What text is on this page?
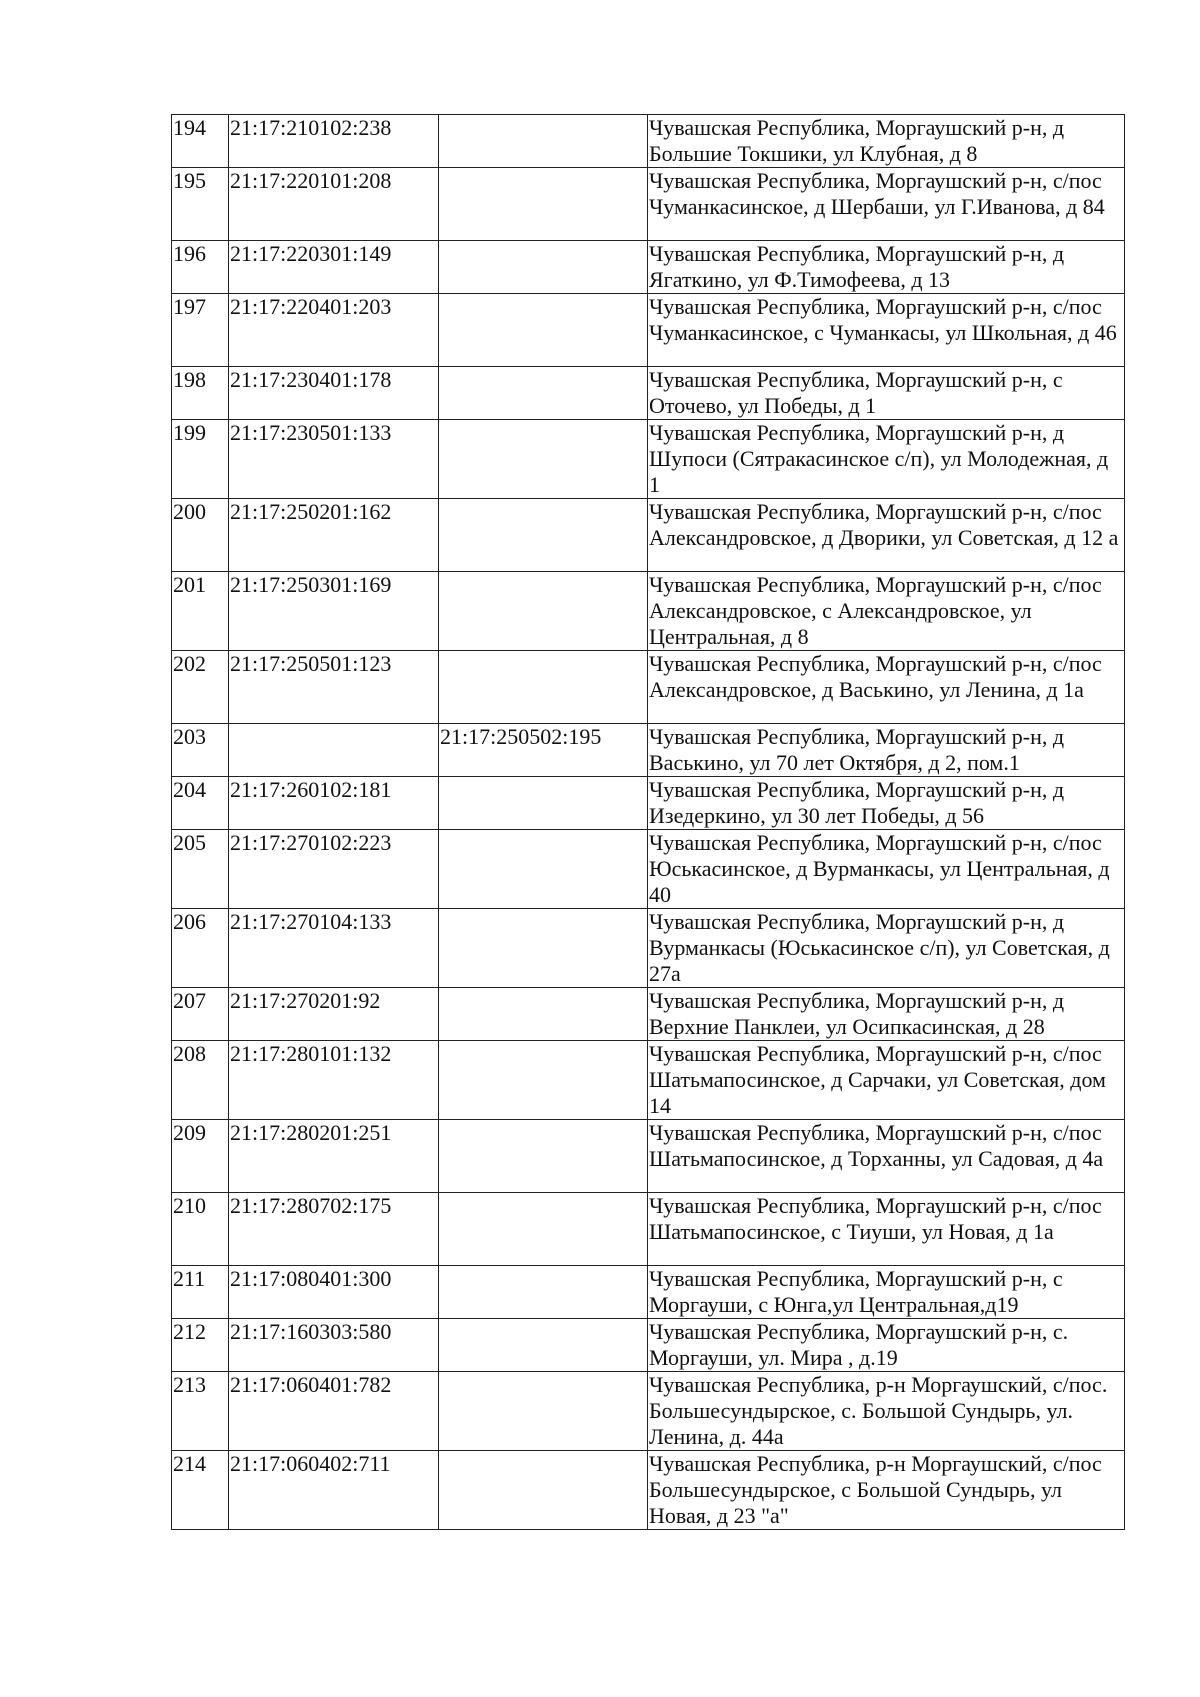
194	21:17:210102:238		Чувашская Республика, Моргаушский р-н, д Большие Токшики, ул Клубная, д 8
195	21:17:220101:208		Чувашская Республика, Моргаушский р-н, с/пос Чуманкасинское, д Шербаши, ул Г.Иванова, д 84
196	21:17:220301:149		Чувашская Республика, Моргаушский р-н, д Ягаткино, ул Ф.Тимофеева, д 13
197	21:17:220401:203		Чувашская Республика, Моргаушский р-н, с/пос Чуманкасинское, с Чуманкасы, ул Школьная, д 46
198	21:17:230401:178		Чувашская Республика, Моргаушский р-н, с Оточево, ул Победы, д 1
199	21:17:230501:133		Чувашская Республика, Моргаушский р-н, д Шупоси (Сятракасинское с/п), ул Молодежная, д 1
200	21:17:250201:162		Чувашская Республика, Моргаушский р-н, с/пос Александровское, д Дворики, ул Советская, д 12 а
201	21:17:250301:169		Чувашская Республика, Моргаушский р-н, с/пос Александровское, с Александровское, ул Центральная, д 8
202	21:17:250501:123		Чувашская Республика, Моргаушский р-н, с/пос Александровское, д Васькино, ул Ленина, д 1а
203		21:17:250502:195	Чувашская Республика, Моргаушский р-н, д Васькино, ул 70 лет Октября, д 2, пом.1
204	21:17:260102:181		Чувашская Республика, Моргаушский р-н, д Изедеркино, ул 30 лет Победы, д 56
205	21:17:270102:223		Чувашская Республика, Моргаушский р-н, с/пос Юськасинское, д Вурманкасы, ул Центральная, д 40
206	21:17:270104:133		Чувашская Республика, Моргаушский р-н, д Вурманкасы (Юськасинское с/п), ул Советская, д 27а
207	21:17:270201:92		Чувашская Республика, Моргаушский р-н, д Верхние Панклеи, ул Осипкасинская, д 28
208	21:17:280101:132		Чувашская Республика, Моргаушский р-н, с/пос Шатьмапосинское, д Сарчаки, ул Советская, дом 14
209	21:17:280201:251		Чувашская Республика, Моргаушский р-н, с/пос Шатьмапосинское, д Торханны, ул Садовая, д 4а
210	21:17:280702:175		Чувашская Республика, Моргаушский р-н, с/пос Шатьмапосинское, с Тиуши, ул Новая, д 1а
211	21:17:080401:300		Чувашская Республика, Моргаушский р-н, с Моргауши, с Юнга,ул Центральная,д19
212	21:17:160303:580		Чувашская Республика, Моргаушский р-н, с. Моргауши, ул. Мира , д.19
213	21:17:060401:782		Чувашская Республика, р-н Моргаушский, с/пос. Большесундырское, с. Большой Сундырь, ул. Ленина, д. 44а
214	21:17:060402:711		Чувашская Республика, р-н Моргаушский, с/пос Большесундырское, с Большой Сундырь, ул Новая, д 23 "а"
